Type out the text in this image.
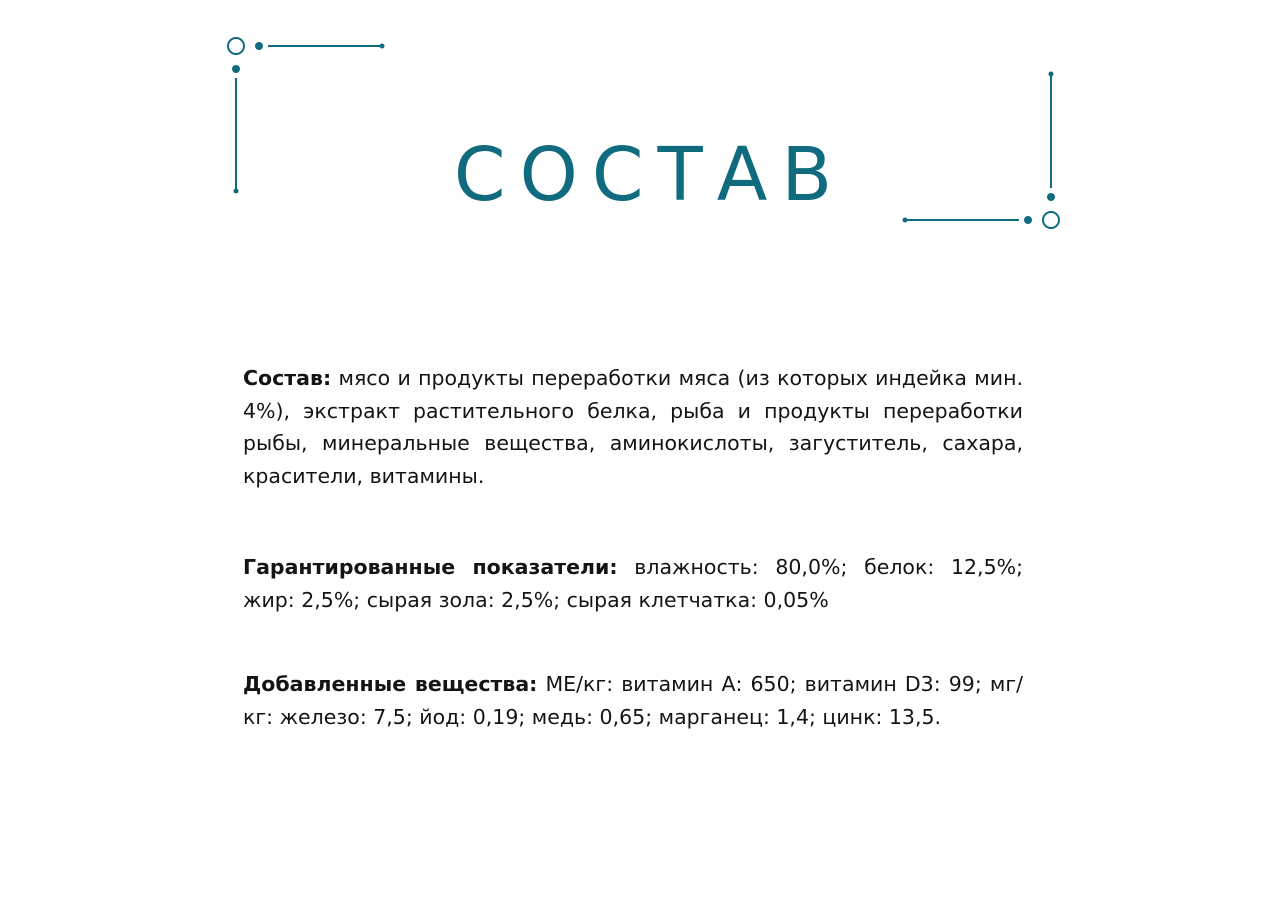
СОСТАВ

Состав: мясо и продукты переработки мяса (из которых индейка мин. 4%), экстракт растительного белка, рыба и продукты переработки рыбы, минеральные вещества, аминокислоты, загуститель, сахара, красители, витамины.

Гарантированные показатели: влажность: 80,0%; белок: 12,5%; жир: 2,5%; сырая зола: 2,5%; сырая клетчатка: 0,05%

Добавленные вещества: МЕ/кг: витамин А: 650; витамин D3: 99; мг/кг: железо: 7,5; йод: 0,19; медь: 0,65; марганец: 1,4; цинк: 13,5.
